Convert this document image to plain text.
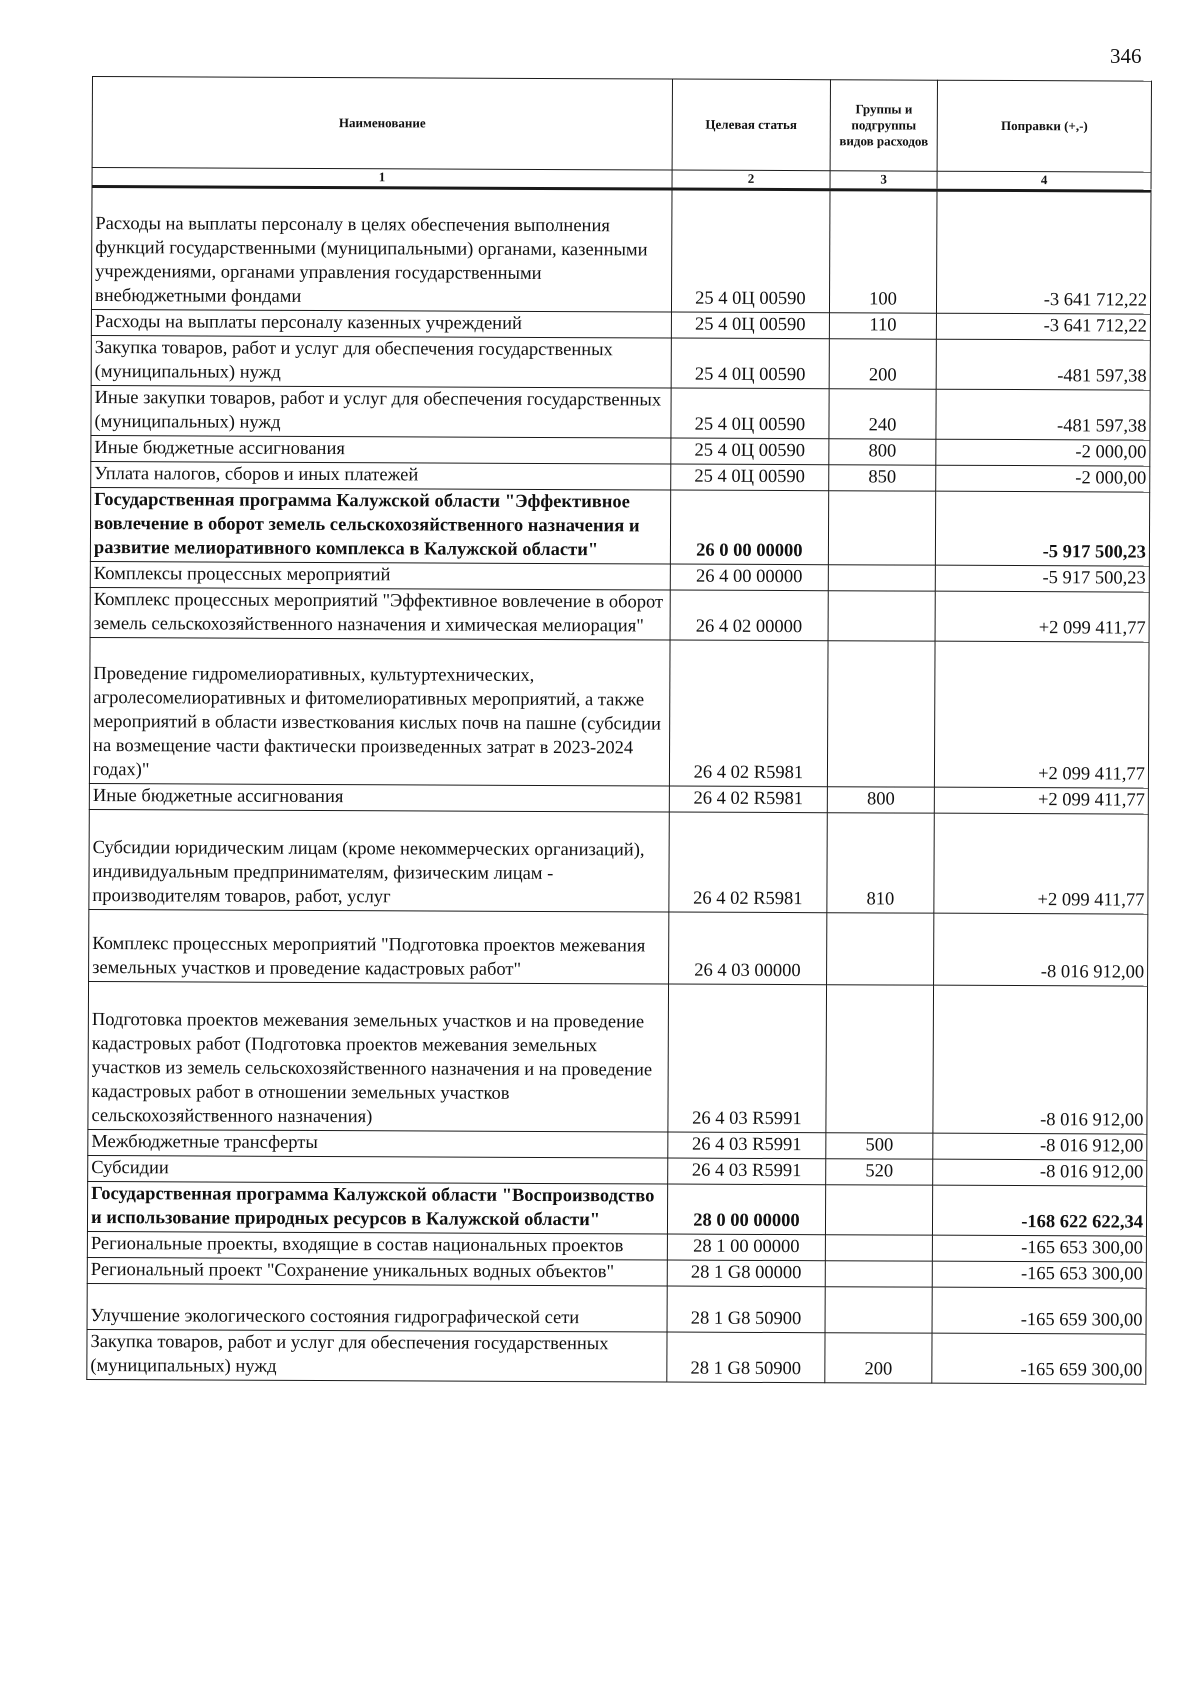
346
Наименование	Целевая статья	Группы и подгруппы видов расходов	Поправки (+,-)
1	2	3	4
Расходы на выплаты персоналу в целях обеспечения выполнения функций государственными (муниципальными) органами, казенными учреждениями, органами управления государственными внебюджетными фондами	25 4 0Ц 00590	100	-3 641 712,22
Расходы на выплаты персоналу казенных учреждений	25 4 0Ц 00590	110	-3 641 712,22
Закупка товаров, работ и услуг для обеспечения государственных (муниципальных) нужд	25 4 0Ц 00590	200	-481 597,38
Иные закупки товаров, работ и услуг для обеспечения государственных (муниципальных) нужд	25 4 0Ц 00590	240	-481 597,38
Иные бюджетные ассигнования	25 4 0Ц 00590	800	-2 000,00
Уплата налогов, сборов и иных платежей	25 4 0Ц 00590	850	-2 000,00
Государственная программа Калужской области "Эффективное вовлечение в оборот земель сельскохозяйственного назначения и развитие мелиоративного комплекса в Калужской области"	26 0 00 00000		-5 917 500,23
Комплексы процессных мероприятий	26 4 00 00000		-5 917 500,23
Комплекс процессных мероприятий "Эффективное вовлечение в оборот земель сельскохозяйственного назначения и химическая мелиорация"	26 4 02 00000		+2 099 411,77
Проведение гидромелиоративных, культуртехнических, агролесомелиоративных и фитомелиоративных мероприятий, а также мероприятий в области известкования кислых почв на пашне (субсидии на возмещение части фактически произведенных затрат в 2023-2024 годах)"	26 4 02 R5981		+2 099 411,77
Иные бюджетные ассигнования	26 4 02 R5981	800	+2 099 411,77
Субсидии юридическим лицам (кроме некоммерческих организаций), индивидуальным предпринимателям, физическим лицам - производителям товаров, работ, услуг	26 4 02 R5981	810	+2 099 411,77
Комплекс процессных мероприятий "Подготовка проектов межевания земельных участков и проведение кадастровых работ"	26 4 03 00000		-8 016 912,00
Подготовка проектов межевания земельных участков и на проведение кадастровых работ (Подготовка проектов межевания земельных участков из земель сельскохозяйственного назначения и на проведение кадастровых работ в отношении земельных участков сельскохозяйственного назначения)	26 4 03 R5991		-8 016 912,00
Межбюджетные трансферты	26 4 03 R5991	500	-8 016 912,00
Субсидии	26 4 03 R5991	520	-8 016 912,00
Государственная программа Калужской области "Воспроизводство и использование природных ресурсов в Калужской области"	28 0 00 00000		-168 622 622,34
Региональные проекты, входящие в состав национальных проектов	28 1 00 00000		-165 653 300,00
Региональный проект "Сохранение уникальных водных объектов"	28 1 G8 00000		-165 653 300,00
Улучшение экологического состояния гидрографической сети	28 1 G8 50900		-165 659 300,00
Закупка товаров, работ и услуг для обеспечения государственных (муниципальных) нужд	28 1 G8 50900	200	-165 659 300,00
